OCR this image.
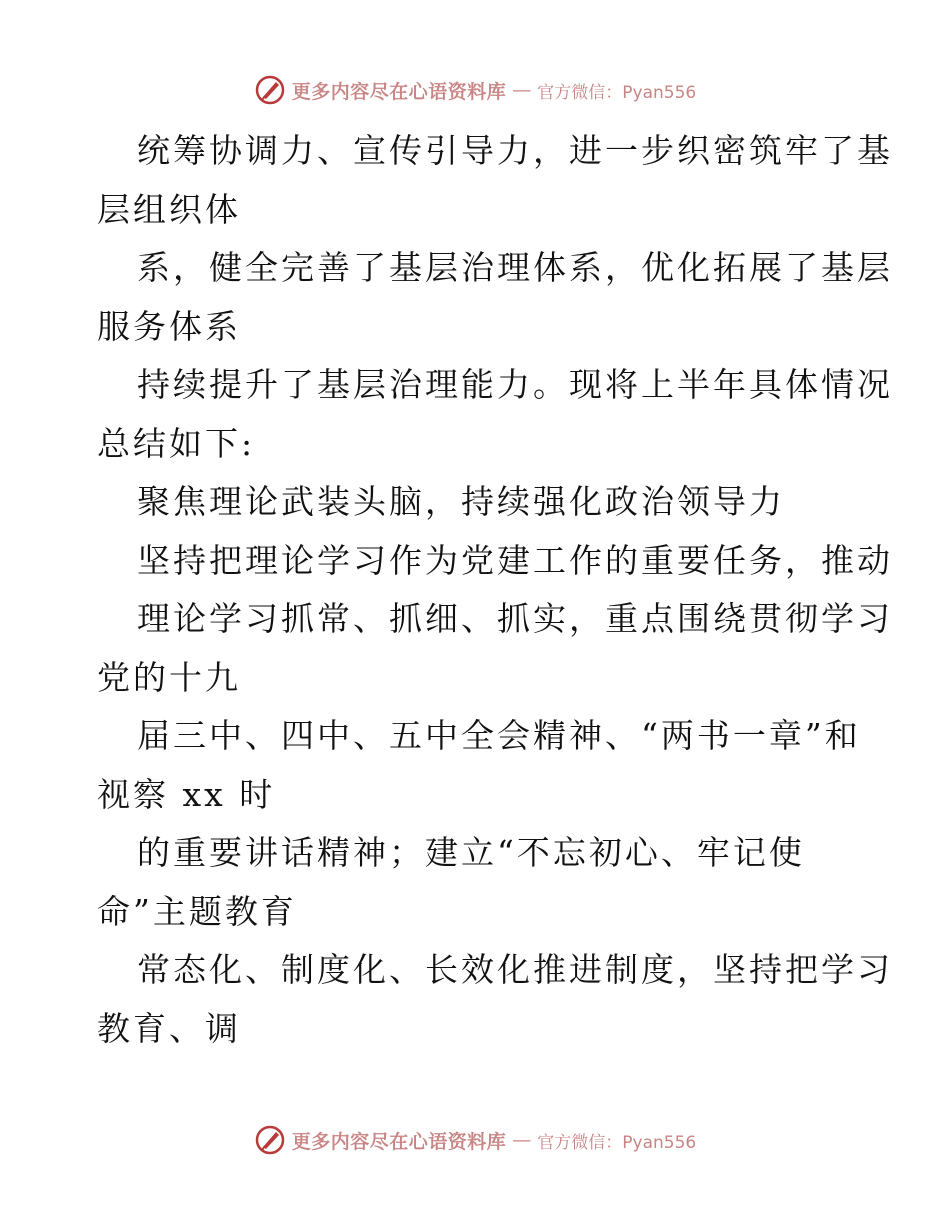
更多内容尽在心语资料库 — 官方微信：Pyan556
统筹协调力、宣传引导力，进一步织密筑牢了基
层组织体
系，健全完善了基层治理体系，优化拓展了基层
服务体系
持续提升了基层治理能力。现将上半年具体情况
总结如下:
聚焦理论武装头脑，持续强化政治领导力
坚持把理论学习作为党建工作的重要任务，推动
理论学习抓常、抓细、抓实，重点围绕贯彻学习
党的十九
届三中、四中、五中全会精神、“两书一章”和
视察 xx 时
的重要讲话精神；建立“不忘初心、牢记使
命”主题教育
常态化、制度化、长效化推进制度，坚持把学习
教育、调
更多内容尽在心语资料库 — 官方微信：Pyan556
